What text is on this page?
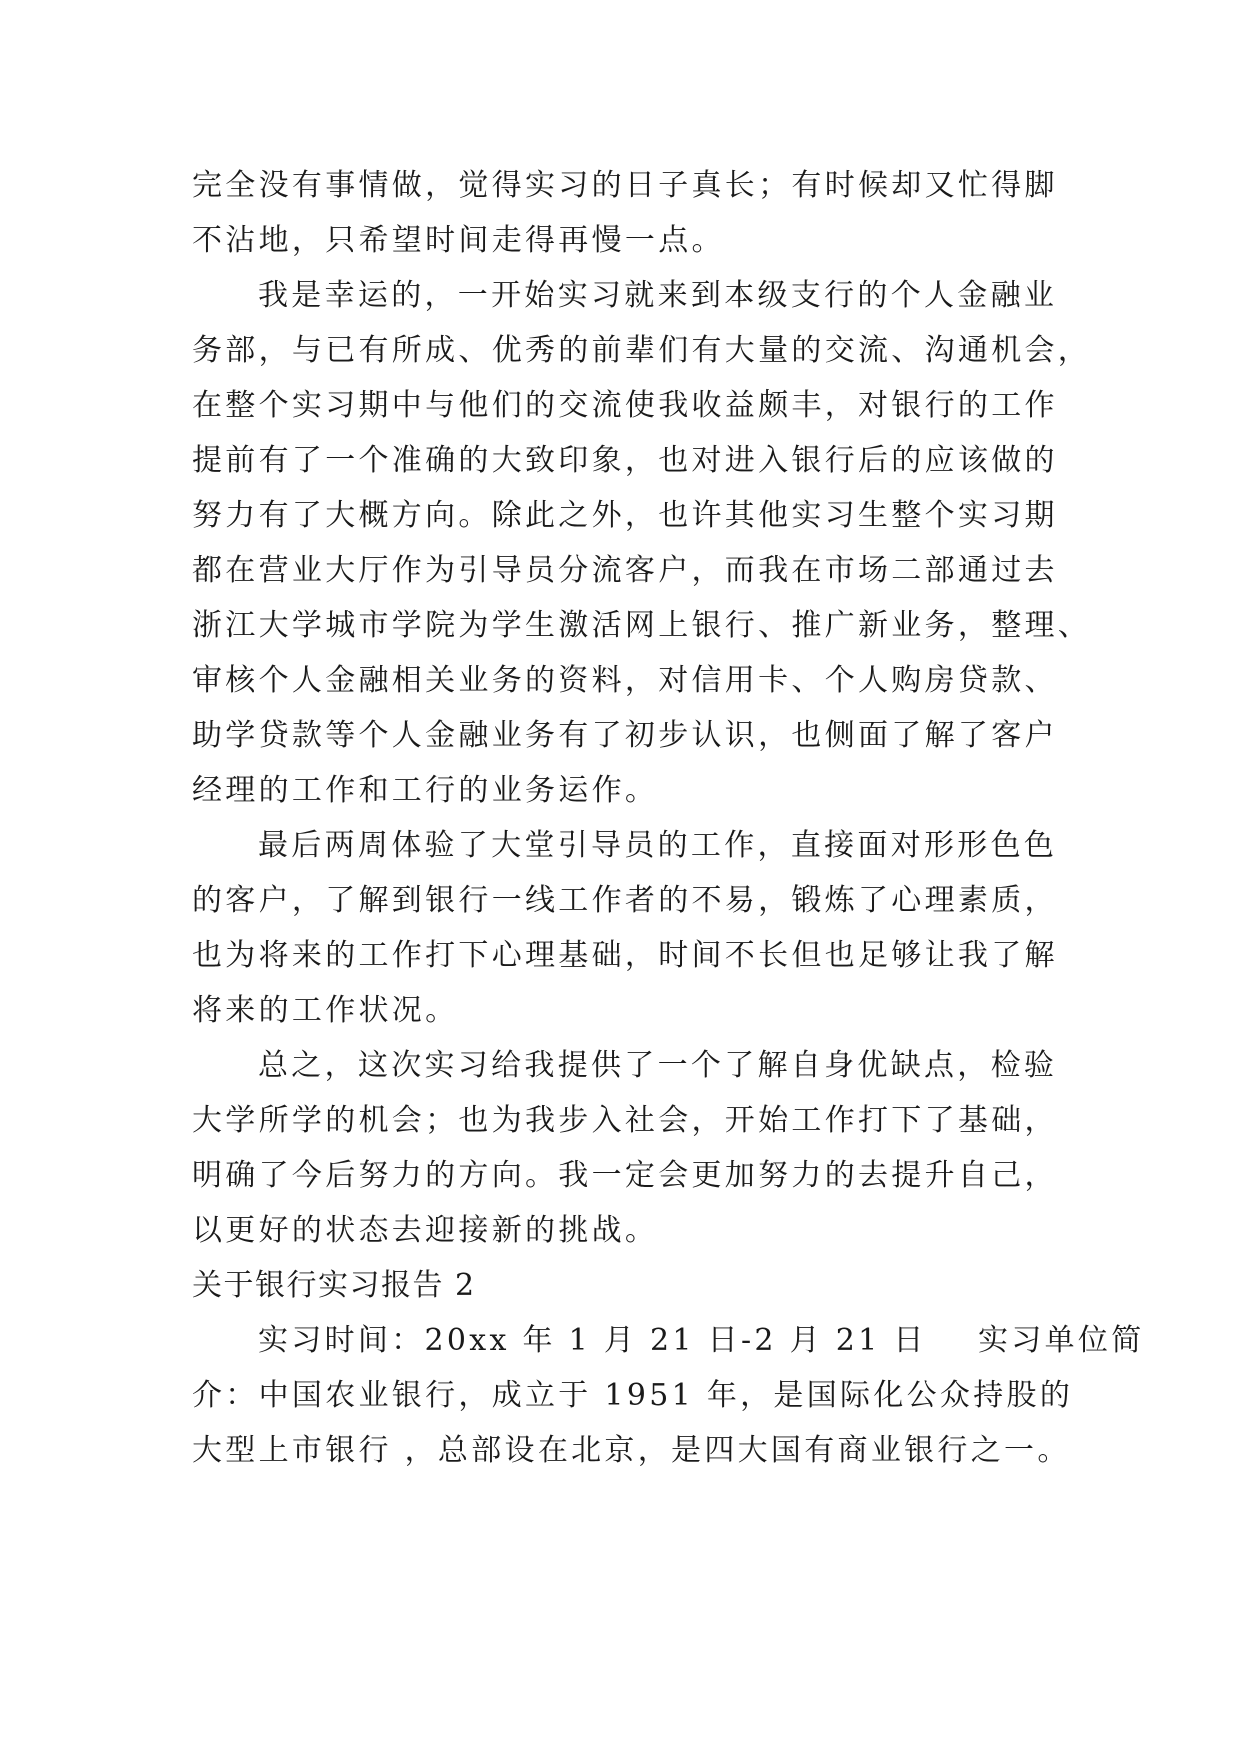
完全没有事情做，觉得实习的日子真长；有时候却又忙得脚
不沾地，只希望时间走得再慢一点。
我是幸运的，一开始实习就来到本级支行的个人金融业
务部，与已有所成、优秀的前辈们有大量的交流、沟通机会，
在整个实习期中与他们的交流使我收益颇丰，对银行的工作
提前有了一个准确的大致印象，也对进入银行后的应该做的
努力有了大概方向。除此之外，也许其他实习生整个实习期
都在营业大厅作为引导员分流客户，而我在市场二部通过去
浙江大学城市学院为学生激活网上银行、推广新业务，整理、
审核个人金融相关业务的资料，对信用卡、个人购房贷款、
助学贷款等个人金融业务有了初步认识，也侧面了解了客户
经理的工作和工行的业务运作。
最后两周体验了大堂引导员的工作，直接面对形形色色
的客户，了解到银行一线工作者的不易，锻炼了心理素质，
也为将来的工作打下心理基础，时间不长但也足够让我了解
将来的工作状况。
总之，这次实习给我提供了一个了解自身优缺点，检验
大学所学的机会；也为我步入社会，开始工作打下了基础，
明确了今后努力的方向。我一定会更加努力的去提升自己，
以更好的状态去迎接新的挑战。
关于银行实习报告 2
实习时间：20xx 年 1 月 21 日-2 月 21 日    实习单位简
介：中国农业银行，成立于 1951 年，是国际化公众持股的
大型上市银行 ，总部设在北京，是四大国有商业银行之一。
